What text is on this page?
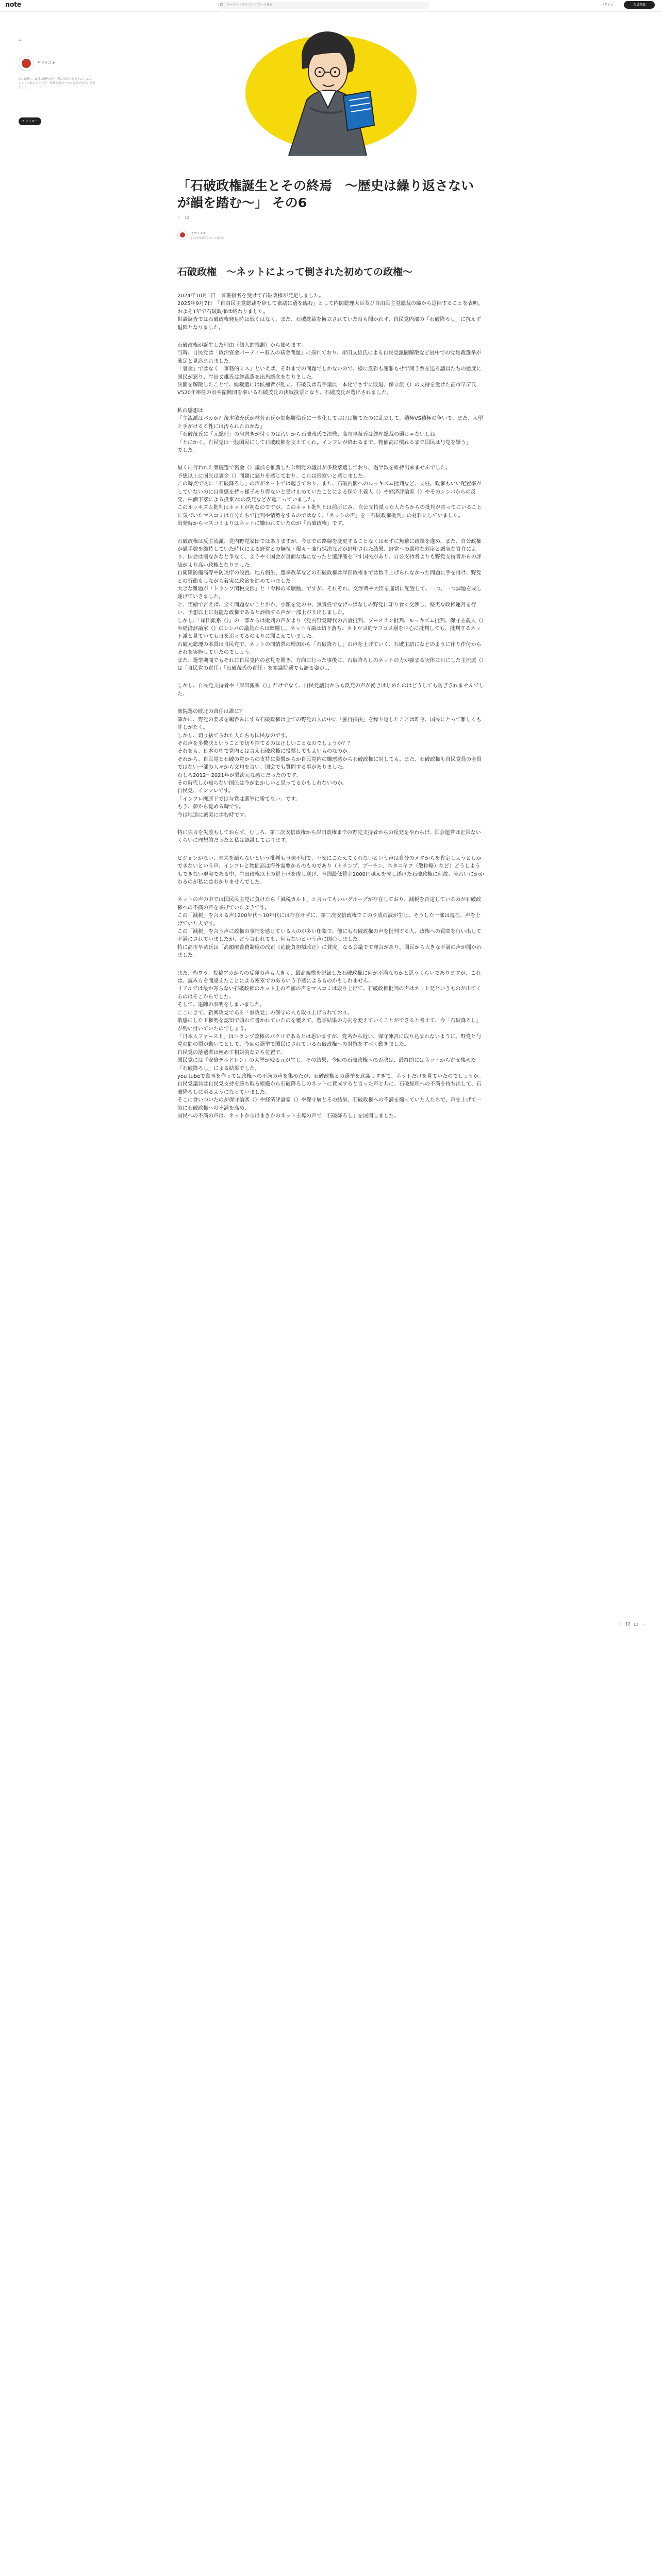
note	キーワードやクリエイターで検索	ログイン	会員登録
←
ヤマトユキ
Xの更新も。最近は現代史を主題に気持ちを文字にしたい。ちょっと長いですけど、時代を読む一つの視点で見ていきましょう。
+ フォロー
「石破政権誕生とその終焉　～歴史は繰り返さないが韻を踏む～」 その6
♡ 12
ヤマトユキ
2025年9月14日 19:33
石破政権　～ネットによって倒された初めての政権～

2024年10月1日　首班指名を受けて石破政権が発足しました。
2025年9月7日　「自由民主党総裁を辞して衆議に選を臨む」として内閣総理大臣及び自由民主党総裁の職から退陣することを表明。
およそ1年で石破政権は終わりました。
世論調査では石破政権発足時は低くはなく、また、石破総裁を擁立されていた時も聞かれず、自民党内部の「石破降ろし」に抗えず退陣となりました。

石破政権が誕生した理由（個人的推測）から始めます。
当時、自民党は「政治資金パーティー収入の基金問題」に揺れており、岸田文雄氏による自民党派閥解散など最中での党総裁選挙が確定と見込まれました。
「裏金」ではなく「事務的ミス」といえば、それまでの問題でしかないので、様に反省も謝罪もせず問う票を送る議員たちの態度に国民が怒り、岸田文雄氏は総裁選を出馬断念をなりました。
決閣を解散したことで、総裁選には候補者が乱立、石破氏は若手議員一本化でさずに敗退。保守派（）の支持を受けた高市早苗氏V520年率任の市や振興団を率いる石破茂氏の決戦投票となり、石破茂氏が選出されました。

私の感想は
「主流派はバカか？茂木敏充氏か林芳正氏か加藤勝信氏に一本化しておけば勝てたのに乱立して、積極VS積極の争いで、また、人望と手がけるる性には汚られたのかな」
「石破茂氏に「元総理」の肩書きが付くのは汚いから石破茂氏で決戦、高市早苗氏は総理総裁の器じゃないしね」
「とにかく、自民党は一般国民にして石破政権を支えてくれ。インフレが終わるまで、物価高に慣れるまで国民は与党を嫌う」
でした。

最くに行われた衆院選で裏金（）議員を推薦した公明党の議員が多数落選しており、過半数を維持出来ませんでした。
予想以上に国民は裏金（）問題に怒りを感じており、これは推察いと感じました。
この時点で既に「石破降ろし」の声がネットでは起きており、また、石破内閣へのルッキズム批判など、支柱、政権もいい配置率がしていないのに自重感を持っ様子あり得ないと受け止めていたことによる保守主義人（）や経済評論家（）やそのシンパからの反発、株価下落による投棄70の反発などが起こっていました。
このルッキズム批判はネットが初なのですが、このネット批判とは前所にみ、自公支持派った人たちからの批判が寄ってにいることに気づいたマスコミは自分たちで批判や情勢をするのではなく、「ネットの声」を「石破政権批判」の材料にしていました。
出発時からマスコミよりはネットに嫌われていたのが「石破政権」です。

石破政権は反主流派、党内野党家団ではありますが、今までの路線を変更することなくはせずに無難に政策を進め、また、自公政権が過半数を維持していた時代による野党との無視・爆々・強行採決などが封印された結果、野党への柔軟な対応と誠実な答弁により、国会は割なかなと争なく、ようやく国会が真面な場になったと選評価を下す国民があり、自公支持者よりも野党支持者からの評価がより高い政権となりました。
自衛隊防備高等や防災庁の設置、地方創生、選挙改革などの石破政権は岸田政権までは数千上げられなかった問題に手を付け、野党との折衝もしながら着実に政治を進めていました。
大きな難題が「トランプ関税交渉」と「令和の米騒動」ですが、それぞれ、交渉者や大臣を適切に配置して、一つ、一つ課題を成し遂げていきました。
と、実績で言えば、全く問題ないことかか、小額を党の中、無責任でなげっぱなしの野党に知り食く交渉し、堅実な政権運営を行い、予想以上に有能な政権であると評価する声が一部上がり出しました。
しかし、「岸田派系（）」の一部からは批判の声がより（党内野党時代の言論批判、ブーメラン批判、ルッキズム批判、保守主義人（）や経済評論家（）のシンパの議員たちは暗躍し、ネット言論は切り落ち、ネトウヨ的ヤフコメ層を中心に批判しても、批判するネット派と見ていても日を追ってるのよりに聞こえていました。
石破元総理の本質は自民党で、ネットの同情票の増加から「石破降ろし」の声を上げていく、石破主語になどのように作り作付からそれを実施していたのでしょう。
また、選挙期間でもそれに自民党内の意見を聞き、方向に行った事後に、石破降ろしのネットの力が強まる実体に目にした主流派（）は「自民党の責任」「石破茂氏の責任」を参議院選でも語る姿が…

しかし、自民党支持者や「岸田派系（）」だけでなく、自民党議員からも反発の声が湧きはじめたのはどうしても防ぎきれませんでした。

衆院選の敗北の責任は誰に？
確かに、野党の要求を鵜呑みにする石破政権は全ての野党の人の中に「強行採決」を繰り返したことは昨今、国民にとって難しくも許しがたく。
しかし、切り捨てられた人たちも国民なのです。
その声を多数決ということで切り捨てるのは正しいことなのでしょうか？？
それをも、日本の中で党内とは言え石破政権に投票してもよいものなのか。
それから、自民党と石破の党からの支持に影響からか自民党内の嫌悪感から石破政権に対しても、また、石破政権も自民党員の全員ではない一部の人々から文句を言い、国会でも質問する事がありました。
むしろ2012〜2021年が異次元な感じだったのです。
その時代しか知らない国民は今がおかしいと思ってるかもしれないのか。
自民党、インフレです。
「インフレ機運下では与党は選挙に勝てない」です。
もう、夢から覚める時です。
今は地道に誠実に歩む時です。

特に失言を失敗もしておらず、むしろ、第二次安倍政権から岸田政権までの野党支持者からの反発をやわらげ、国会運営は正常ないくらいに理想的だったと私は認識しております。

ビジョンがない、未来を語らないという批判も亊味不明で、不安にこたえてくれないという声は自分のメタからを肯定しようとしかできないという声、インフレと物価高は海外需要からのものであり（トランプ、プーチン、ネタニヤフ（敬称略）など）どうしようもできない現実である中、岸田政権以上の貢上げを成し遂げ、全国最低賃金1000円越えを成し遂げた石破政権に何故、流れいにかかわるのが私にはわかりませんでした。

ネットの声の中では国民民主党に負けたら「減税カルト」と言ってもいいグループが存在しており、減税を否定しているのが石破政権への不満の声を挙げていたようです。
この「減税」を言える声1200年代〜10年代には存在せずに、第二次安倍政権でこのラ成の波が生じ、そうした一部は現在、声を上げていた人です。
この「減税」を言う声に政権の事情を感じている人のが多い印象で、他にも石破政権の声を批判する人、政権への質問を行い出して不満にされていましたが、どう言われても、何もないという声に関心しました。
特に高市早苗氏は「高額療養費制度の改正（応能負担額改正）に賛成」なる会議でて発言があり、国民から大きな不満の声が聞かれました。

また、梅ワラ、投稿アカからの反発の声も大きく、最高規模を記録した石破政権に何が不満なのかと思うくらいでありますが、これは、読み方を間違えたことによる密室でのあるいう予感によるものかもしれません。
リアルでは最か寄らない石破政権のネット上の不満の声をマスコミは取り上げて、石破政権批判の声はネット発というものが出てくるのはそこからでした。
そして、退陣の表明をしまいました。
ここにきて、新興政党である「参政党」の保守の人も取り上げられており、
散感にしたド権勢を認知で頭れて書かれていたのを覆えて、選挙結果の方向を変えていくことができると考えて、今「石破降ろし」が勢い付いていたのでしょう。
「日本人ファースト」はトランプ政権のパクリであるとは思いますが、党名から近い、保守陣営に取り込まれないように、野党と与党の間の票が動いてとして、今回の選挙で国民にされている石破政権への対抗をすべく動きました。
自民党の落選者は極めて相対的な立ち位置で、
国民党には「安倍チルドレン」の大挙が残る元が生じ、その結果、今回の石破政権への否決は、最終的にはネットから寄せ集めた「石破降ろし」による結果でした。
you tubeで動画を作っては政権への不満の声を集めたが、石破政権との選挙を意識しすぎて、ネットだけを見ていたのでしょうか。
自民党議員は自民党支持を勝ち取る組織から石破降ろしのネットに賛成すると言った声と共に、石破総理への不満を持ち出して、石破降ろしに至るようになっていました。
そこに食いついたのが保守論客（）や経済評論家（）や保守層とその結果、石破政権への不満を煽っていた人たちで、声を上げて一気に石破政権への不満を高め、
国民への不満の声は、ネットからはまさかのネット主導の声で「石破降ろし」を展開しました。

♡ 12 □ ⋯
